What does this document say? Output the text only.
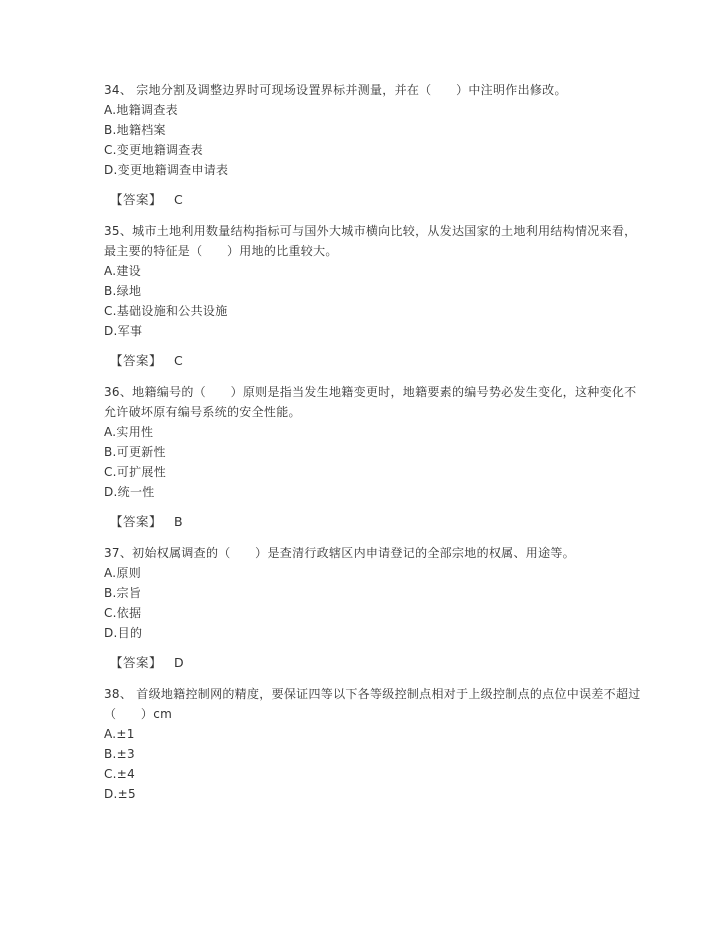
34、 宗地分割及调整边界时可现场设置界标并测量，并在（　　）中注明作出修改。

A.地籍调查表

B.地籍档案

C.变更地籍调查表

D.变更地籍调查申请表

【答案】 C

35、城市土地利用数量结构指标可与国外大城市横向比较，从发达国家的土地利用结构情况来看，最主要的特征是（　　）用地的比重较大。

A.建设

B.绿地

C.基础设施和公共设施

D.军事

【答案】 C

36、地籍编号的（　　）原则是指当发生地籍变更时，地籍要素的编号势必发生变化，这种变化不允许破坏原有编号系统的安全性能。

A.实用性

B.可更新性

C.可扩展性

D.统一性

【答案】 B

37、初始权属调查的（　　）是查清行政辖区内申请登记的全部宗地的权属、用途等。

A.原则

B.宗旨

C.依据

D.目的

【答案】 D

38、 首级地籍控制网的精度，要保证四等以下各等级控制点相对于上级控制点的点位中误差不超过（　　）cm

A.±1

B.±3

C.±4

D.±5
